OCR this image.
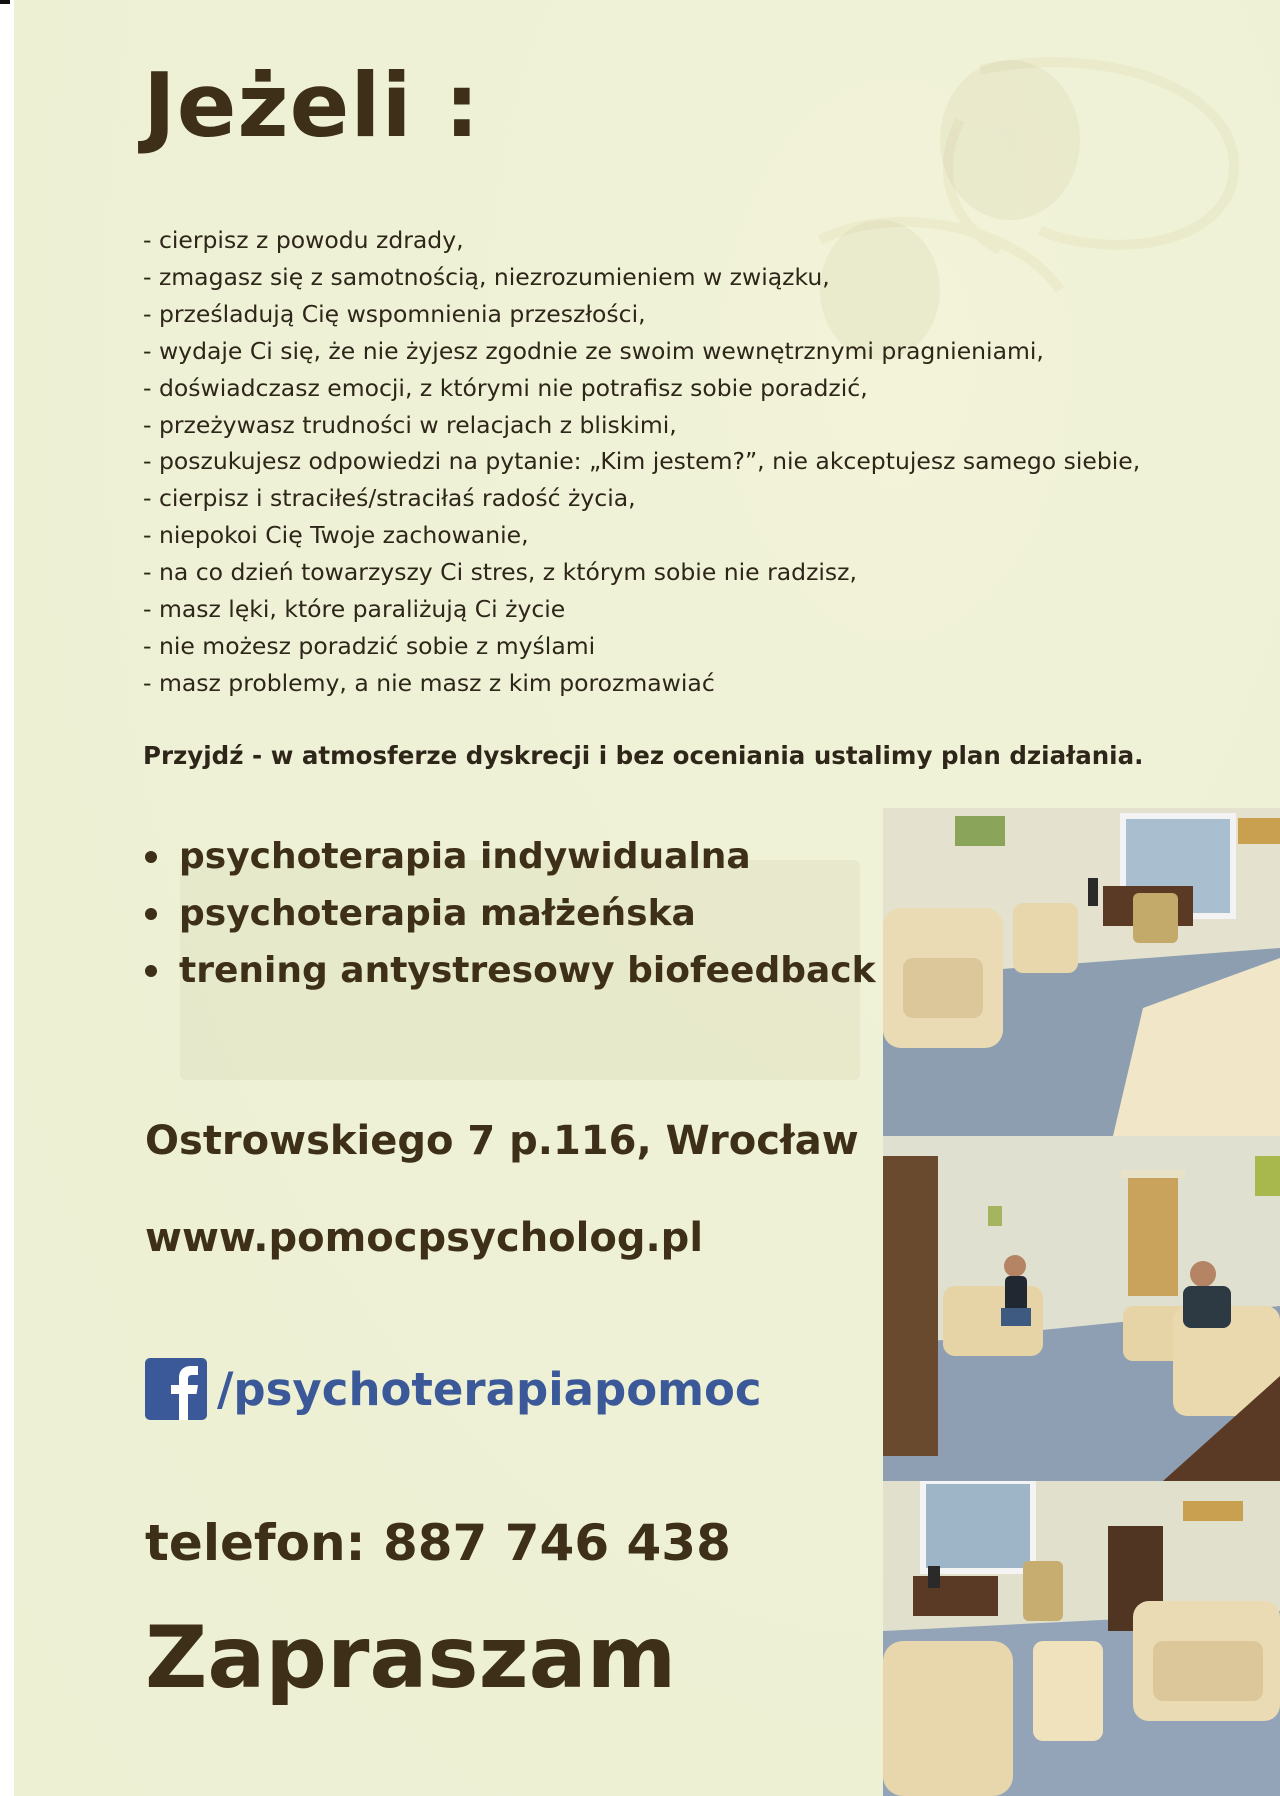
Jeżeli :
- cierpisz z powodu zdrady,
- zmagasz się z samotnością, niezrozumieniem w związku,
- prześladują Cię wspomnienia przeszłości,
- wydaje Ci się, że nie żyjesz zgodnie ze swoim wewnętrznymi pragnieniami,
- doświadczasz emocji, z którymi nie potrafisz sobie poradzić,
- przeżywasz trudności w relacjach z bliskimi,
- poszukujesz odpowiedzi na pytanie: „Kim jestem?”, nie akceptujesz samego siebie,
- cierpisz i straciłeś/straciłaś radość życia,
- niepokoi Cię Twoje zachowanie,
- na co dzień towarzyszy Ci stres, z którym sobie nie radzisz,
- masz lęki, które paraliżują Ci życie
- nie możesz poradzić sobie z myślami
- masz problemy, a nie masz z kim porozmawiać

Przyjdź - w atmosferze dyskrecji i bez oceniania ustalimy plan działania.

psychoterapia indywidualna
psychoterapia małżeńska
trening antystresowy biofeedback

Ostrowskiego 7 p.116, Wrocław

www.pomocpsycholog.pl

/psychoterapiapomoc

telefon: 887 746 438

Zapraszam
